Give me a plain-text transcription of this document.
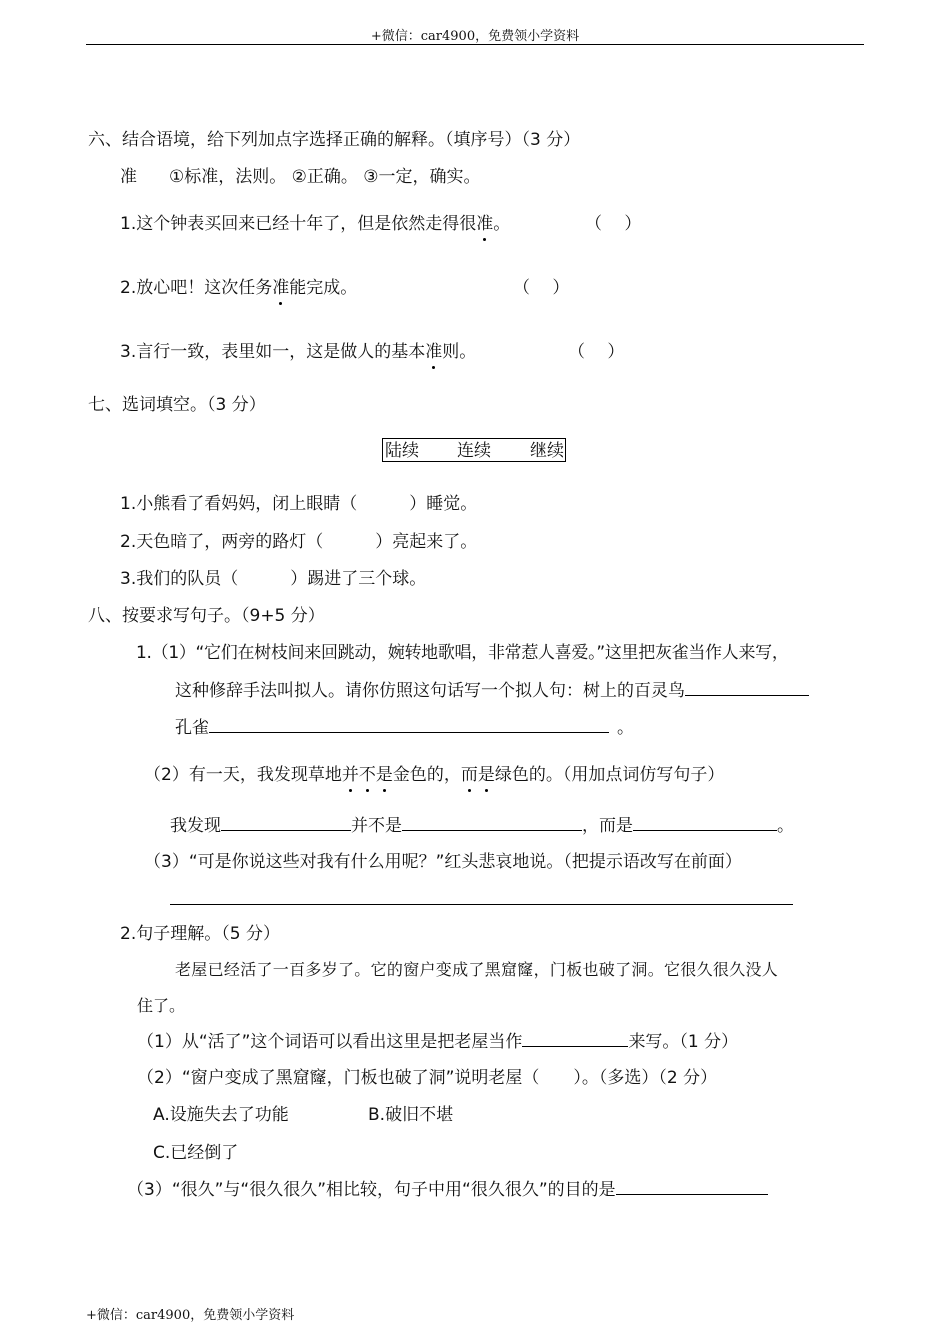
+微信：car4900，免费领小学资料
六、结合语境，给下列加点字选择正确的解释。（填序号）（3 分）
准 ①标准，法则。 ②正确。 ③一定，确实。
1.这个钟表买回来已经十年了，但是依然走得很准。	（　 ）
2.放心吧！这次任务准能完成。	（　 ）
3.言行一致，表里如一，这是做人的基本准则。	（　 ）
七、选词填空。（3 分）
陆续 连续 继续
1.小熊看了看妈妈，闭上眼睛（	）睡觉。
2.天色暗了，两旁的路灯（	）亮起来了。
3.我们的队员（	）踢进了三个球。
八、按要求写句子。（9+5 分）
1.（1）“它们在树枝间来回跳动，婉转地歌唱，非常惹人喜爱。”这里把灰雀当作人来写，
这种修辞手法叫拟人。请你仿照这句话写一个拟人句：树上的百灵鸟
孔雀	。
（2）有一天，我发现草地并不是金色的，而是绿色的。（用加点词仿写句子）
我发现	并不是	，而是	。
（3）“可是你说这些对我有什么用呢？”红头悲哀地说。（把提示语改写在前面）
2.句子理解。（5 分）
老屋已经活了一百多岁了。它的窗户变成了黑窟窿，门板也破了洞。它很久很久没人
住了。
（1）从“活了”这个词语可以看出这里是把老屋当作	来写。（1 分）
（2）“窗户变成了黑窟窿，门板也破了洞”说明老屋（　　）。（多选）（2 分）
A.设施失去了功能	B.破旧不堪
C.已经倒了
（3）“很久”与“很久很久”相比较，句子中用“很久很久”的目的是
+微信：car4900，免费领小学资料
